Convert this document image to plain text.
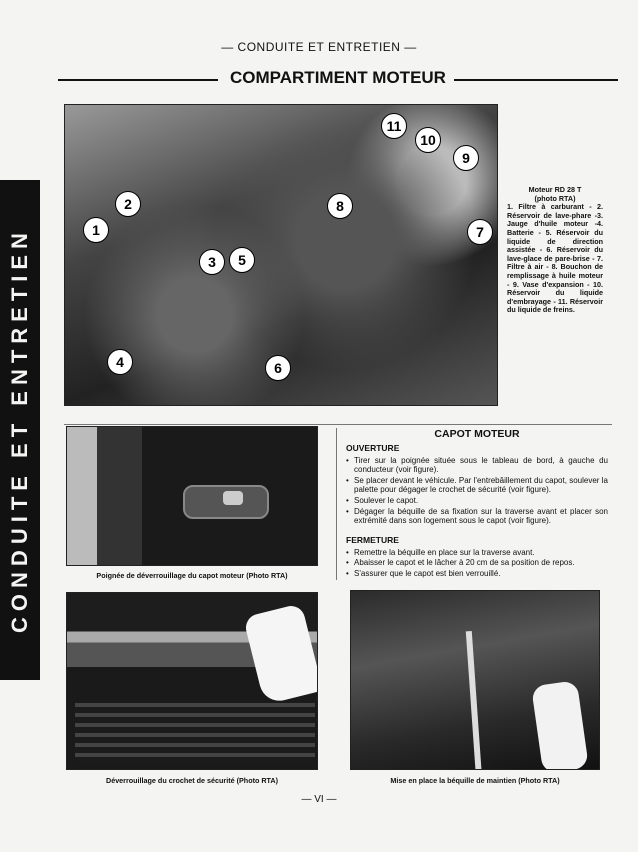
CONDUITE ET ENTRETIEN
— CONDUITE ET ENTRETIEN —
COMPARTIMENT MOTEUR
1
2
3
4
5
6
7
8
9
10
11
Moteur RD 28 T
(photo RTA)
1. Filtre à carburant - 2. Réservoir de lave-phare -3. Jauge d'huile moteur -4. Batterie - 5. Réservoir du liquide de direction assistée - 6. Réservoir du lave-glace de pare-brise - 7. Filtre à air - 8. Bouchon de remplissage à huile moteur - 9. Vase d'expansion - 10. Réservoir du liquide d'embrayage - 11. Réservoir du liquide de freins.
Poignée de déverrouillage du capot moteur (Photo RTA)
CAPOT MOTEUR
OUVERTURE
• Tirer sur la poignée située sous le tableau de bord, à gauche du conducteur (voir figure).
• Se placer devant le véhicule. Par l'entrebâillement du capot, soulever la palette pour dégager le crochet de sécurité (voir figure).
• Soulever le capot.
• Dégager la béquille de sa fixation sur la traverse avant et placer son extrémité dans son logement sous le capot (voir figure).
FERMETURE
• Remettre la béquille en place sur la traverse avant.
• Abaisser le capot et le lâcher à 20 cm de sa position de repos.
• S'assurer que le capot est bien verrouillé.
Déverrouillage du crochet de sécurité (Photo RTA)	Mise en place la béquille de maintien (Photo RTA)
— VI —
